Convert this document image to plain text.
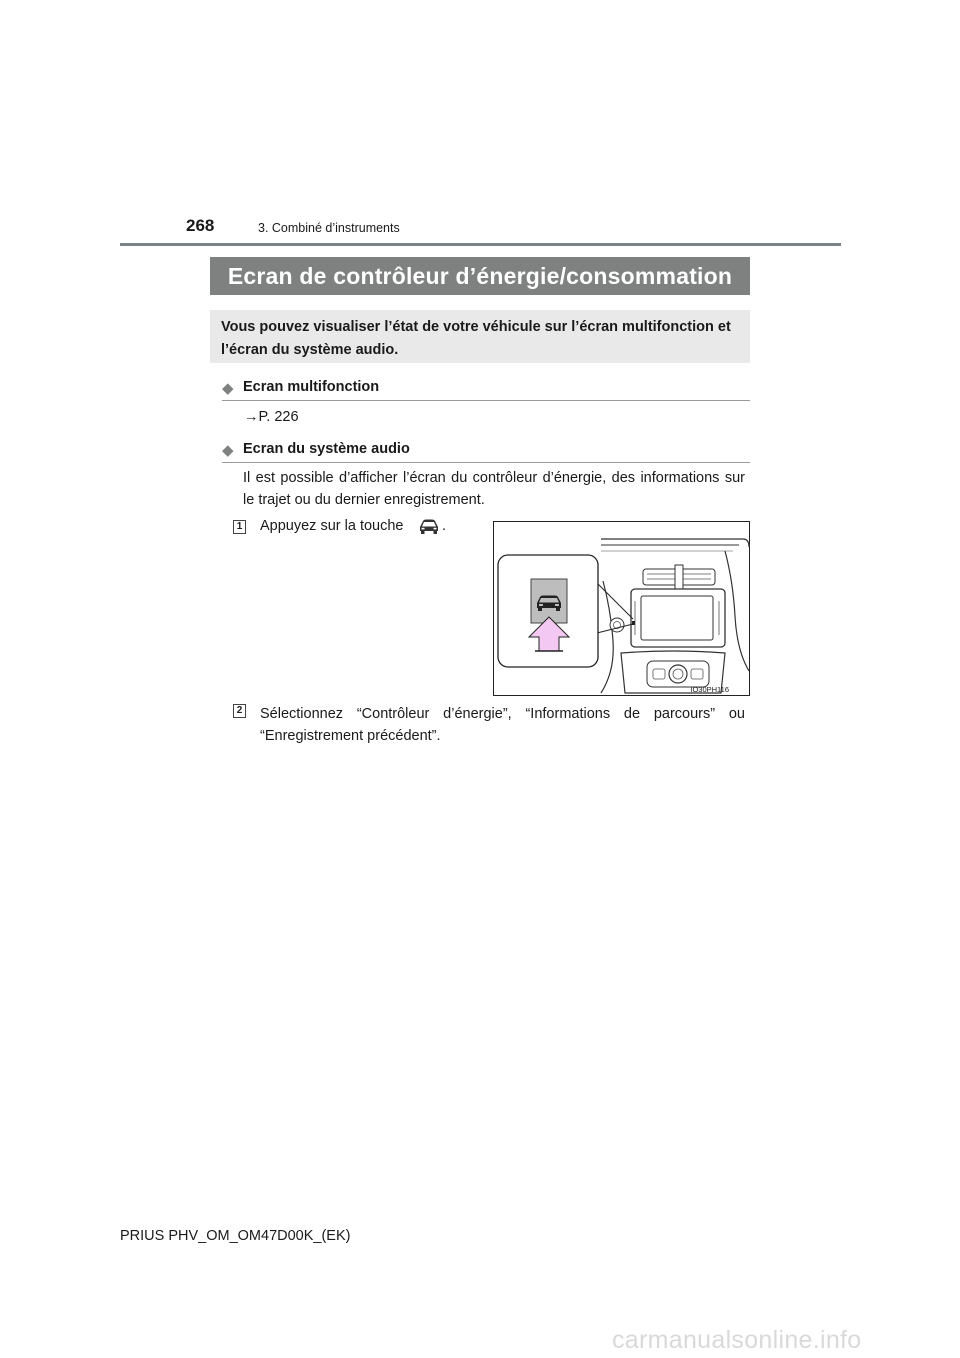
268	3. Combiné d’instruments
Ecran de contrôleur d’énergie/consommation
Vous pouvez visualiser l’état de votre véhicule sur l’écran multifonction et l’écran du système audio.
◆ Ecran multifonction
→P. 226
◆ Ecran du système audio
Il est possible d’afficher l’écran du contrôleur d’énergie, des informations sur le trajet ou du dernier enregistrement.
1 Appuyez sur la touche	.
IO30PH116
2 Sélectionnez “Contrôleur d’énergie”, “Informations de parcours” ou “Enregistrement précédent”.
PRIUS PHV_OM_OM47D00K_(EK)
carmanualsonline.info
